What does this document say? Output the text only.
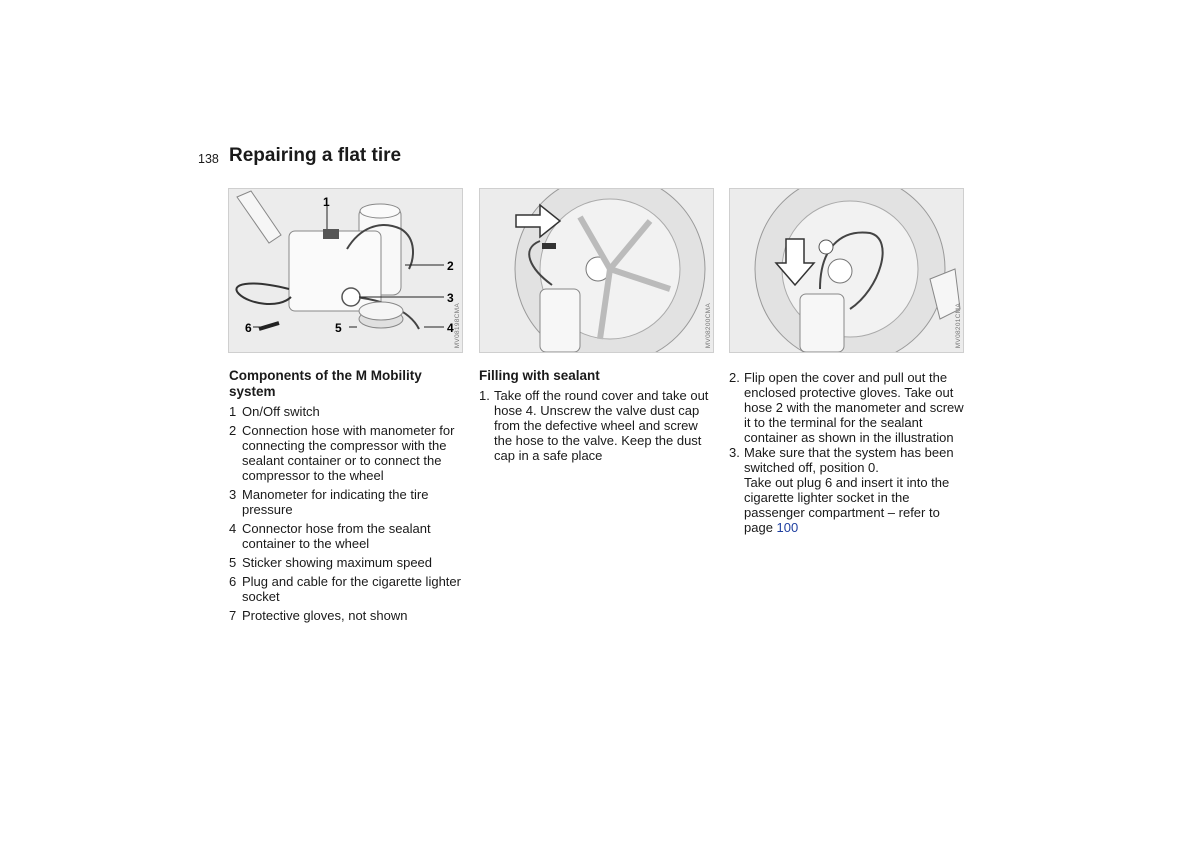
138 Repairing a flat tire
1
2
3
4
5
6	MV08198CMA	MV08200CMA	MV08201CMA
Components of the M Mobility system
1 On/Off switch
2 Connection hose with manometer for connecting the compressor with the sealant container or to connect the compressor to the wheel
3 Manometer for indicating the tire pressure
4 Connector hose from the sealant container to the wheel
5 Sticker showing maximum speed
6 Plug and cable for the cigarette lighter socket
7 Protective gloves, not shown
Filling with sealant
1. Take off the round cover and take out hose 4. Unscrew the valve dust cap from the defective wheel and screw the hose to the valve. Keep the dust cap in a safe place
2. Flip open the cover and pull out the enclosed protective gloves. Take out hose 2 with the manometer and screw it to the terminal for the sealant container as shown in the illustration
3. Make sure that the system has been switched off, position 0.
Take out plug 6 and insert it into the cigarette lighter socket in the passenger compartment – refer to page 100
